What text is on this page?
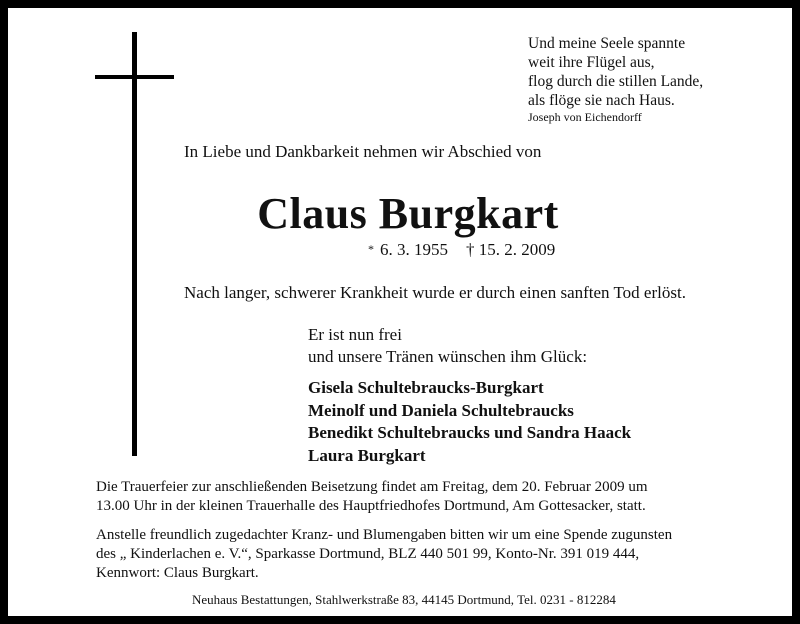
Und meine Seele spannte
weit ihre Flügel aus,
flog durch die stillen Lande,
als flöge sie nach Haus.
Joseph von Eichendorff
In Liebe und Dankbarkeit nehmen wir Abschied von
Claus Burgkart
* 6. 3. 1955 † 15. 2. 2009
Nach langer, schwerer Krankheit wurde er durch einen sanften Tod erlöst.
Er ist nun frei
und unsere Tränen wünschen ihm Glück:
Gisela Schultebraucks-Burgkart
Meinolf und Daniela Schultebraucks
Benedikt Schultebraucks und Sandra Haack
Laura Burgkart
Die Trauerfeier zur anschließenden Beisetzung findet am Freitag, dem 20. Februar 2009 um
13.00 Uhr in der kleinen Trauerhalle des Hauptfriedhofes Dortmund, Am Gottesacker, statt.
Anstelle freundlich zugedachter Kranz- und Blumengaben bitten wir um eine Spende zugunsten
des „ Kinderlachen e. V.“, Sparkasse Dortmund, BLZ 440 501 99, Konto-Nr. 391 019 444,
Kennwort: Claus Burgkart.
Neuhaus Bestattungen, Stahlwerkstraße 83, 44145 Dortmund, Tel. 0231 - 812284
